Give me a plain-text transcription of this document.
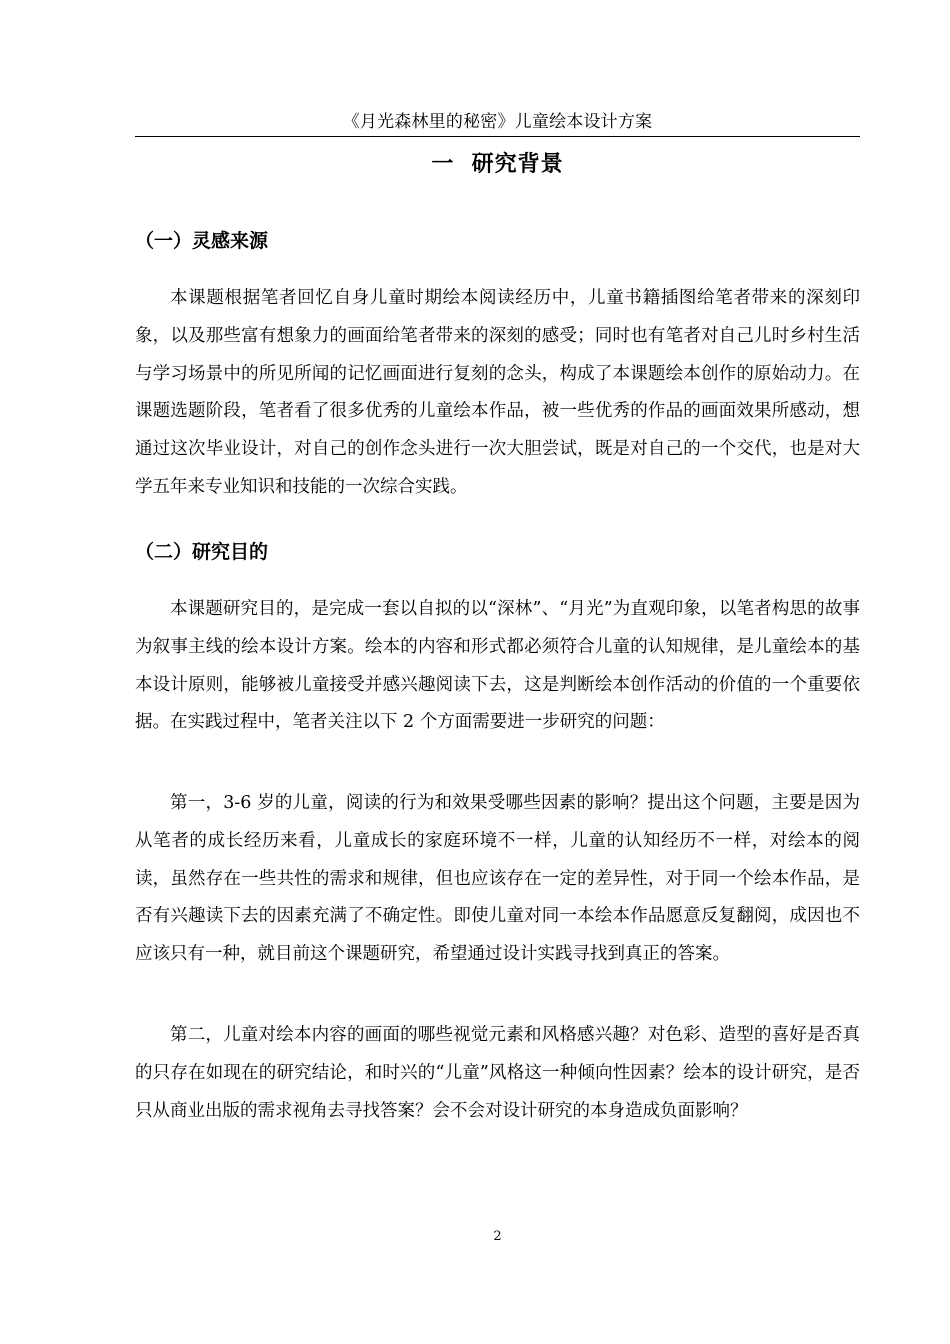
《月光森林里的秘密》儿童绘本设计方案
一  研究背景
（一）灵感来源

本课题根据笔者回忆自身儿童时期绘本阅读经历中，儿童书籍插图给笔者带来的深刻印象，以及那些富有想象力的画面给笔者带来的深刻的感受；同时也有笔者对自己儿时乡村生活与学习场景中的所见所闻的记忆画面进行复刻的念头，构成了本课题绘本创作的原始动力。在课题选题阶段，笔者看了很多优秀的儿童绘本作品，被一些优秀的作品的画面效果所感动，想通过这次毕业设计，对自己的创作念头进行一次大胆尝试，既是对自己的一个交代，也是对大学五年来专业知识和技能的一次综合实践。

（二）研究目的

本课题研究目的，是完成一套以自拟的以“深林”、“月光”为直观印象，以笔者构思的故事为叙事主线的绘本设计方案。绘本的内容和形式都必须符合儿童的认知规律，是儿童绘本的基本设计原则，能够被儿童接受并感兴趣阅读下去，这是判断绘本创作活动的价值的一个重要依据。在实践过程中，笔者关注以下 2 个方面需要进一步研究的问题：

第一，3-6 岁的儿童，阅读的行为和效果受哪些因素的影响？提出这个问题，主要是因为从笔者的成长经历来看，儿童成长的家庭环境不一样，儿童的认知经历不一样，对绘本的阅读，虽然存在一些共性的需求和规律，但也应该存在一定的差异性，对于同一个绘本作品，是否有兴趣读下去的因素充满了不确定性。即使儿童对同一本绘本作品愿意反复翻阅，成因也不应该只有一种，就目前这个课题研究，希望通过设计实践寻找到真正的答案。

第二，儿童对绘本内容的画面的哪些视觉元素和风格感兴趣？对色彩、造型的喜好是否真的只存在如现在的研究结论，和时兴的“儿童”风格这一种倾向性因素？绘本的设计研究，是否只从商业出版的需求视角去寻找答案？会不会对设计研究的本身造成负面影响？

2
